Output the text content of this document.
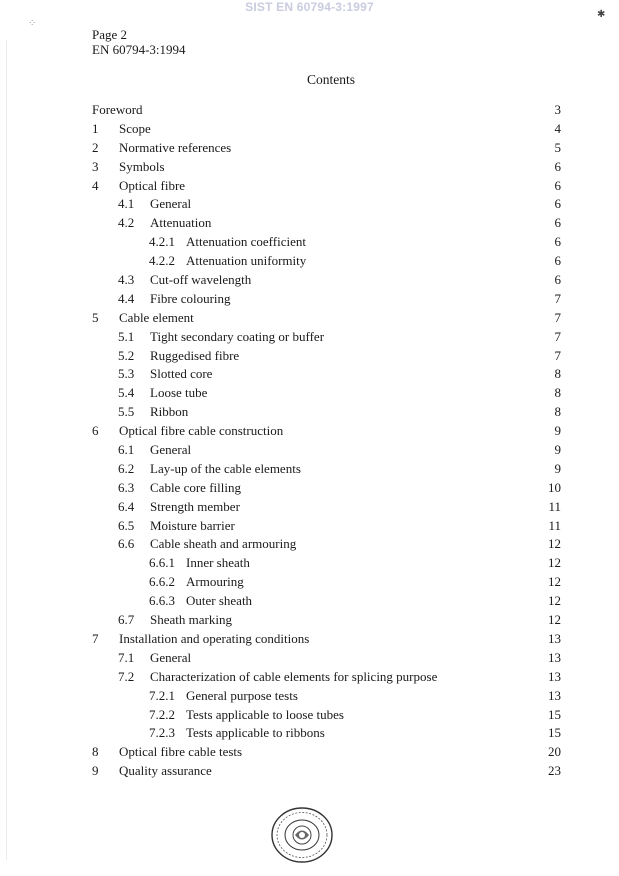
SIST EN 60794-3:1997
Page 2
EN 60794-3:1994
Contents
Foreword	3
1 Scope	4
2 Normative references	5
3 Symbols	6
4 Optical fibre	6
4.1 General	6
4.2 Attenuation	6
4.2.1 Attenuation coefficient	6
4.2.2 Attenuation uniformity	6
4.3 Cut-off wavelength	6
4.4 Fibre colouring	7
5 Cable element	7
5.1 Tight secondary coating or buffer	7
5.2 Ruggedised fibre	7
5.3 Slotted core	8
5.4 Loose tube	8
5.5 Ribbon	8
6 Optical fibre cable construction	9
6.1 General	9
6.2 Lay-up of the cable elements	9
6.3 Cable core filling	10
6.4 Strength member	11
6.5 Moisture barrier	11
6.6 Cable sheath and armouring	12
6.6.1 Inner sheath	12
6.6.2 Armouring	12
6.6.3 Outer sheath	12
6.7 Sheath marking	12
7 Installation and operating conditions	13
7.1 General	13
7.2 Characterization of cable elements for splicing purpose	13
7.2.1 General purpose tests	13
7.2.2 Tests applicable to loose tubes	15
7.2.3 Tests applicable to ribbons	15
8 Optical fibre cable tests	20
9 Quality assurance	23
✱
⁘
